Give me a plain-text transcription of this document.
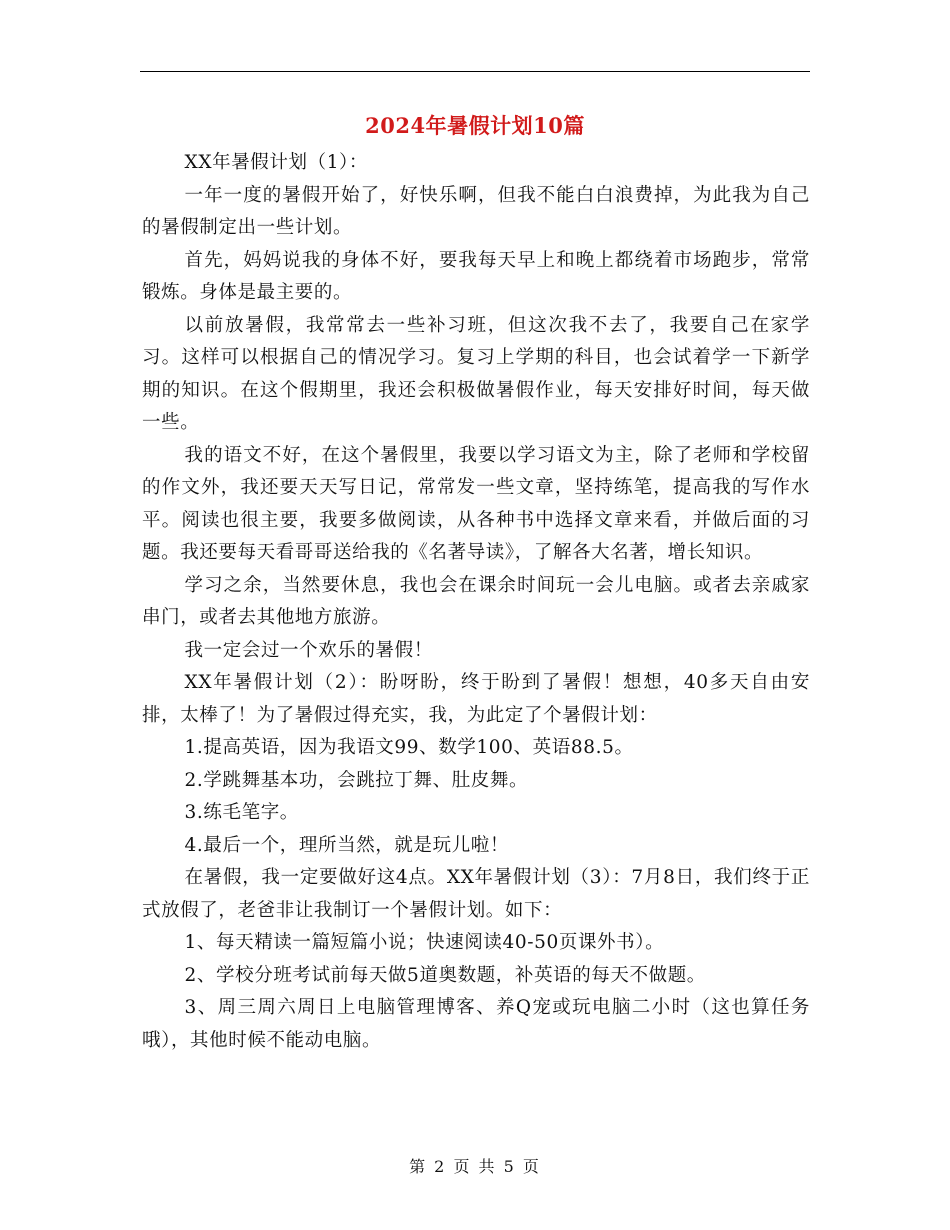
2024年暑假计划10篇

XX年暑假计划（1）：

一年一度的暑假开始了，好快乐啊，但我不能白白浪费掉，为此我为自己的暑假制定出一些计划。

首先，妈妈说我的身体不好，要我每天早上和晚上都绕着市场跑步，常常锻炼。身体是最主要的。

以前放暑假，我常常去一些补习班，但这次我不去了，我要自己在家学习。这样可以根据自己的情况学习。复习上学期的科目，也会试着学一下新学期的知识。在这个假期里，我还会积极做暑假作业，每天安排好时间，每天做一些。

我的语文不好，在这个暑假里，我要以学习语文为主，除了老师和学校留的作文外，我还要天天写日记，常常发一些文章，坚持练笔，提高我的写作水平。阅读也很主要，我要多做阅读，从各种书中选择文章来看，并做后面的习题。我还要每天看哥哥送给我的《名著导读》，了解各大名著，增长知识。

学习之余，当然要休息，我也会在课余时间玩一会儿电脑。或者去亲戚家串门，或者去其他地方旅游。

我一定会过一个欢乐的暑假！

XX年暑假计划（2）：盼呀盼，终于盼到了暑假！想想，40多天自由安排，太棒了！为了暑假过得充实，我，为此定了个暑假计划：

1.提高英语，因为我语文99、数学100、英语88.5。

2.学跳舞基本功，会跳拉丁舞、肚皮舞。

3.练毛笔字。

4.最后一个，理所当然，就是玩儿啦！

在暑假，我一定要做好这4点。XX年暑假计划（3）：7月8日，我们终于正式放假了，老爸非让我制订一个暑假计划。如下：

1、每天精读一篇短篇小说；快速阅读40-50页课外书）。

2、学校分班考试前每天做5道奥数题，补英语的每天不做题。

3、周三周六周日上电脑管理博客、养Q宠或玩电脑二小时（这也算任务哦），其他时候不能动电脑。

第 2 页 共 5 页
